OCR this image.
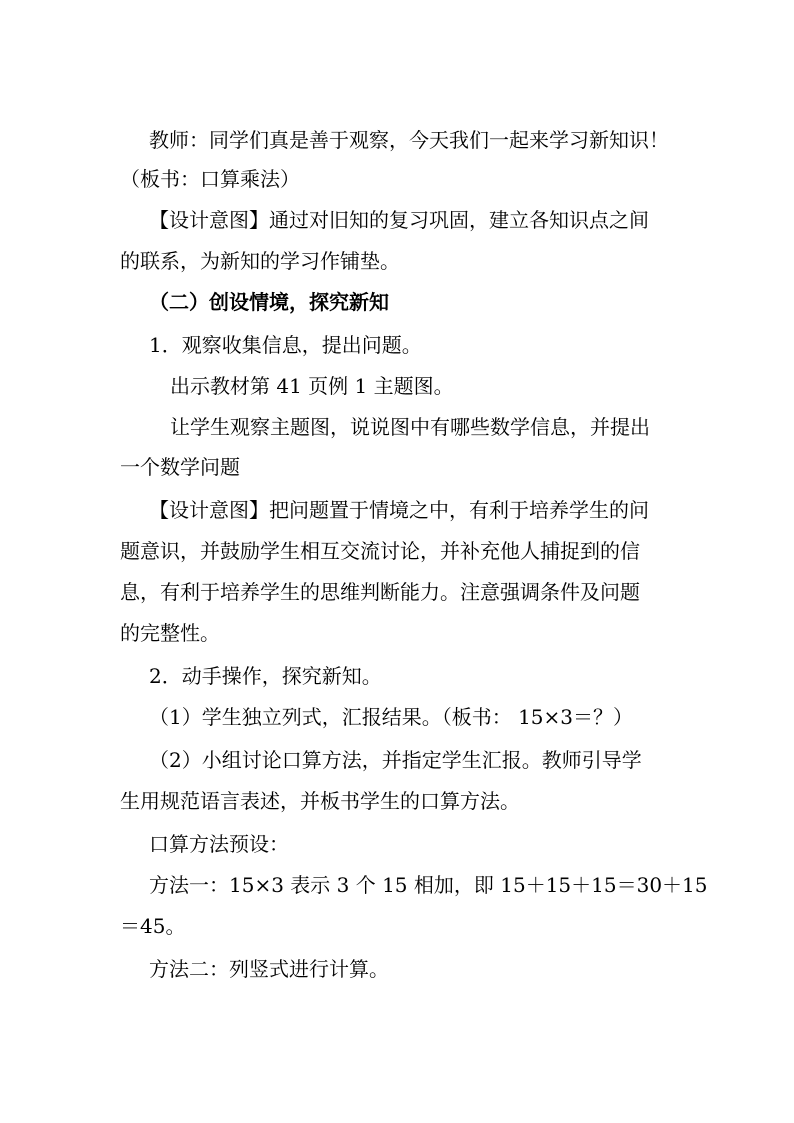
教师：同学们真是善于观察，今天我们一起来学习新知识！

（板书：口算乘法）

【设计意图】通过对旧知的复习巩固，建立各知识点之间

的联系，为新知的学习作铺垫。

（二）创设情境，探究新知

1．观察收集信息，提出问题。

出示教材第 41 页例 1 主题图。

让学生观察主题图，说说图中有哪些数学信息，并提出

一个数学问题

【设计意图】把问题置于情境之中，有利于培养学生的问

题意识，并鼓励学生相互交流讨论，并补充他人捕捉到的信

息，有利于培养学生的思维判断能力。注意强调条件及问题

的完整性。

2．动手操作，探究新知。

（1）学生独立列式，汇报结果。（板书： 15×3＝？）

（2）小组讨论口算方法，并指定学生汇报。教师引导学

生用规范语言表述，并板书学生的口算方法。

口算方法预设：

方法一：15×3 表示 3 个 15 相加，即 15＋15＋15＝30＋15

＝45。

方法二：列竖式进行计算。
